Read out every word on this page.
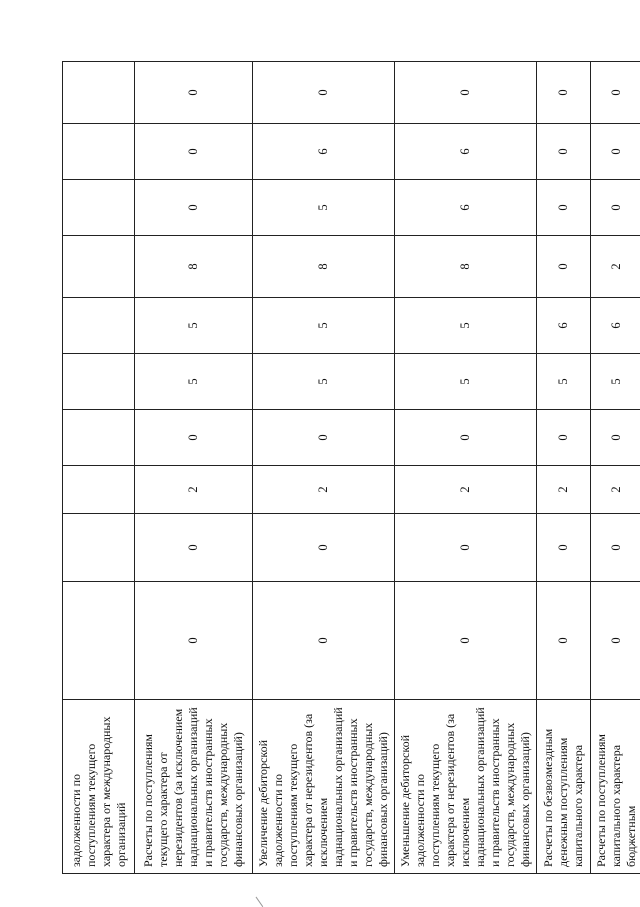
задолженности по поступлениям текущего характера от международных организаций										
Расчеты по поступлениям текущего характера от нерезидентов (за исключением наднациональных организаций и правительств иностранных государств, международных финансовых организаций)	0	0	2	0	5	5	8	0	0	0
Увеличение дебиторской задолженности по поступлениям текущего характера от нерезидентов (за исключением наднациональных организаций и правительств иностранных государств, международных финансовых организаций)	0	0	2	0	5	5	8	5	6	0
Уменьшение дебиторской задолженности по поступлениям текущего характера от нерезидентов (за исключением наднациональных организаций и правительств иностранных государств, международных финансовых организаций)	0	0	2	0	5	5	8	6	6	0
Расчеты по безвозмездным денежным поступлениям капитального характера	0	0	2	0	5	6	0	0	0	0
Расчеты по поступлениям капитального характера бюджетным	0	0	2	0	5	6	2	0	0	0
